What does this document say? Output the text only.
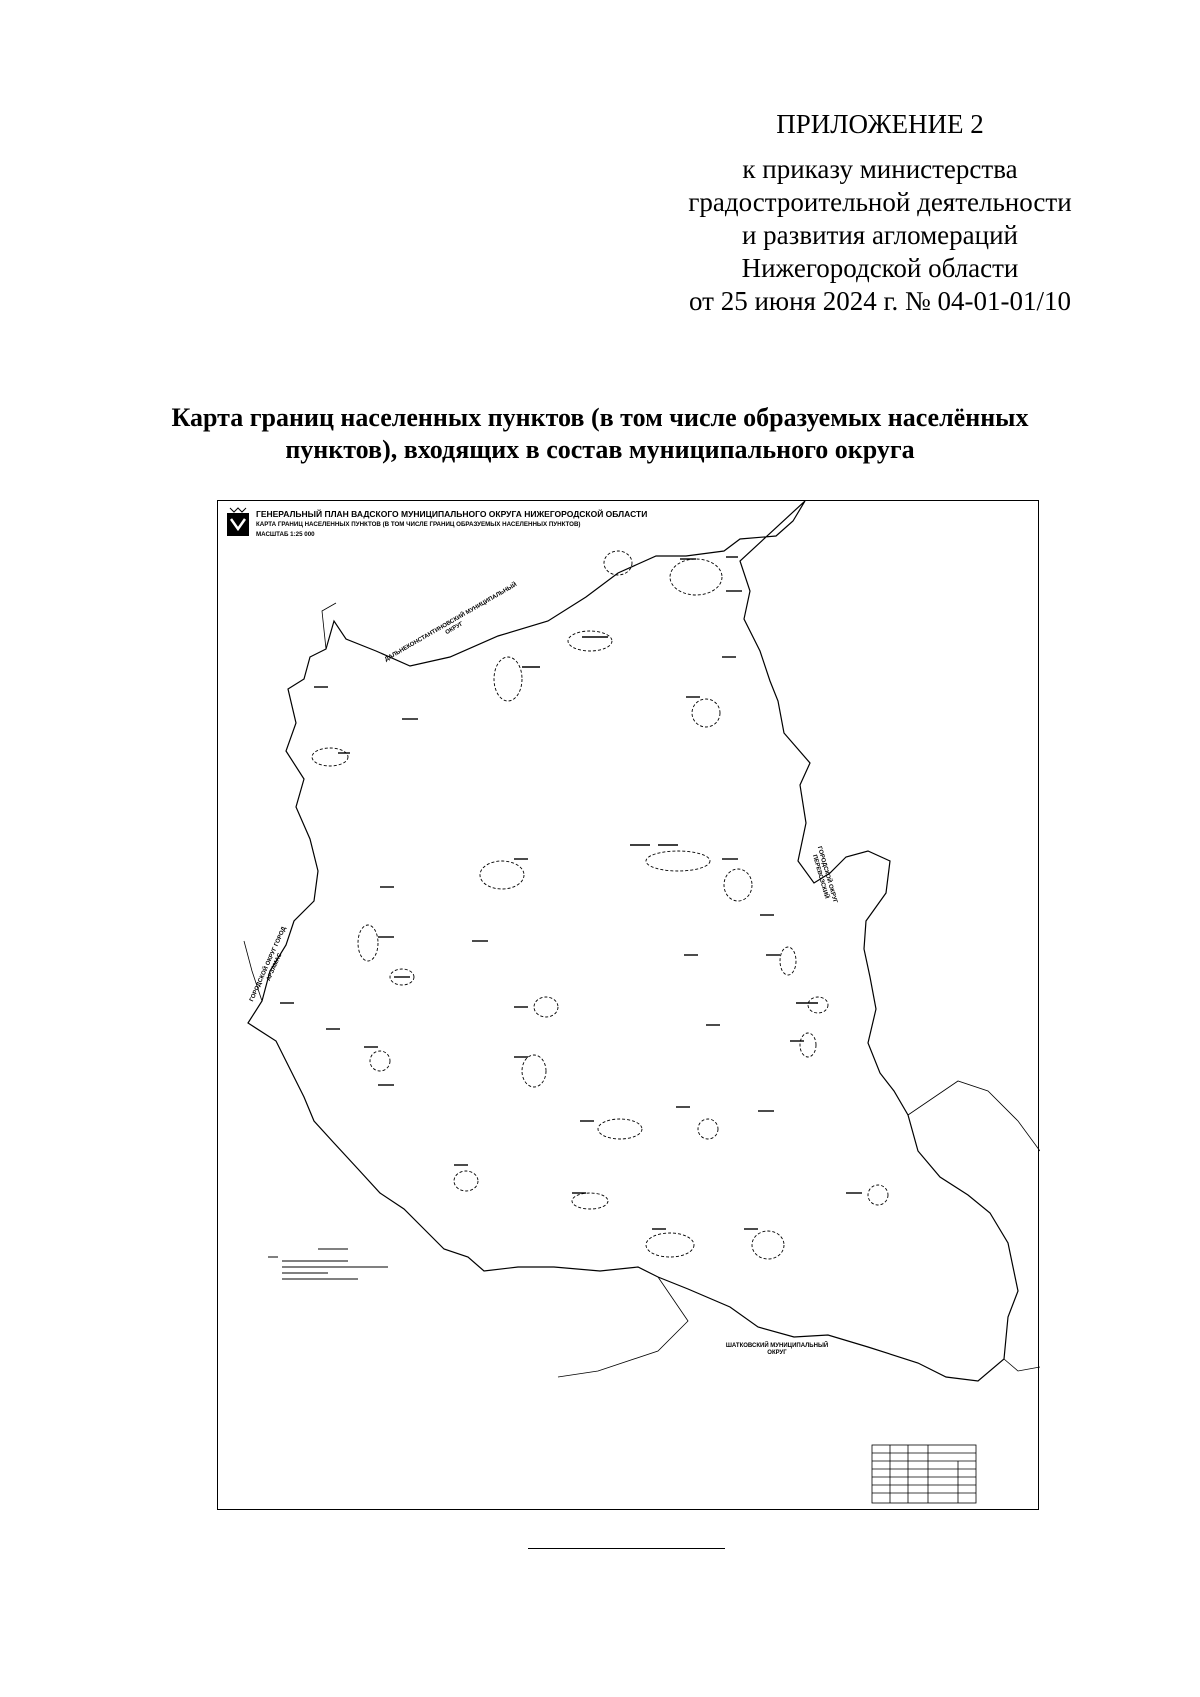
ПРИЛОЖЕНИЕ 2
к приказу министерства
градостроительной деятельности
и развития агломераций
Нижегородской области
от 25 июня 2024 г. № 04-01-01/10
Карта границ населенных пунктов (в том числе образуемых населённых
пунктов), входящих в состав муниципального округа
ГЕНЕРАЛЬНЫЙ ПЛАН ВАДСКОГО МУНИЦИПАЛЬНОГО ОКРУГА НИЖЕГОРОДСКОЙ ОБЛАСТИ
КАРТА ГРАНИЦ НАСЕЛЕННЫХ ПУНКТОВ (В ТОМ ЧИСЛЕ ГРАНИЦ ОБРАЗУЕМЫХ НАСЕЛЕННЫХ ПУНКТОВ)
МАСШТАБ 1:25 000
ДАЛЬНЕКОНСТАНТИНОВСКИЙ МУНИЦИПАЛЬНЫЙ ОКРУГ
ГОРОДСКОЙ ОКРУГ ПЕРЕВОЗСКИЙ
ГОРОДСКОЙ ОКРУГ ГОРОД АРЗАМАС
ШАТКОВСКИЙ МУНИЦИПАЛЬНЫЙ ОКРУГ
